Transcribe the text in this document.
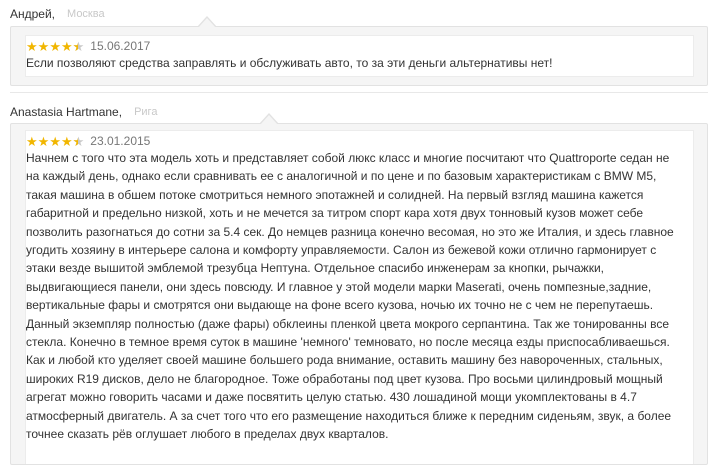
Андрей, Москва
★ ★ ★ ★ ★ ★ 15.06.2017
Если позволяют средства заправлять и обслуживать авто, то за эти деньги альтернативы нет!
Anastasia Hartmane, Рига
★ ★ ★ ★ ★ ★ 23.01.2015
Начнем с того что эта модель хоть и представляет собой люкс класс и многие посчитают что Quattroporte седан не на каждый день, однако если сравнивать ее с аналогичной и по цене и по базовым характеристикам с BMW M5, такая машина в обшем потоке смотриться немного эпотажней и солидней. На первый взгляд машина кажется габаритной и предельно низкой, хоть и не мечется за титром спорт кара хотя двух тонновый кузов может себе позволить разогнаться до сотни за 5.4 сек. До немцев разница конечно весомая, но это же Италия, и здесь главное угодить хозяину в интерьере салона и комфорту управляемости. Салон из бежевой кожи отлично гармонирует с этаки везде вышитой эмблемой трезубца Нептуна. Отдельное спасибо инженерам за кнопки, рычажки, выдвигающиеся панели, они здесь повсюду. И главное у этой модели марки Maserati, очень помпезные,задние, вертикальные фары и смотрятся они выдающе на фоне всего кузова, ночью их точно не с чем не перепутаешь. Данный экземпляр полностью (даже фары) обклеины пленкой цвета мокрого серпантина. Так же тонированны все стекла. Конечно в темное время суток в машине 'немного' темновато, но после месяца езды приспосабливаешься. Как и любой кто уделяет своей машине большего рода внимание, оставить машину без навороченных, стальных, широких R19 дисков, дело не благородное. Тоже обработаны под цвет кузова. Про восьми цилиндровый мощный агрегат можно говорить часами и даже посвятить целую статью. 430 лошадиной мощи укомплектованы в 4.7 атмосферный двигатель. А за счет того что его размещение находиться ближе к передним сиденьям, звук, а более точнее сказать рёв оглушает любого в пределах двух кварталов.
